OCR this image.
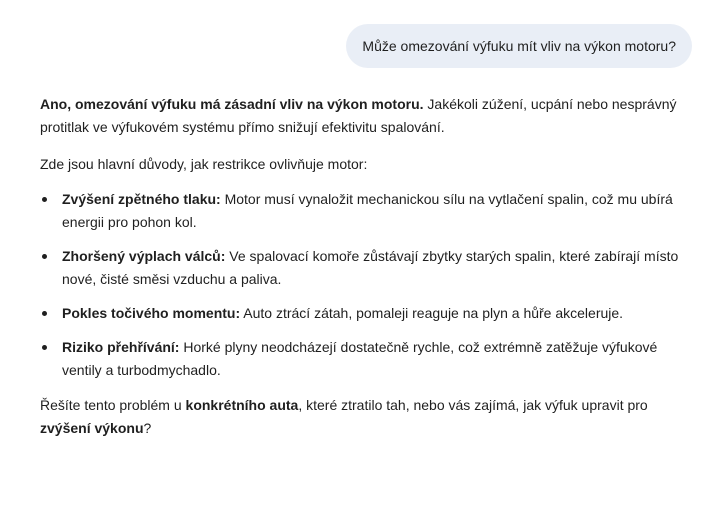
Může omezování výfuku mít vliv na výkon motoru?

Ano, omezování výfuku má zásadní vliv na výkon motoru. Jakékoli zúžení, ucpání nebo nesprávný protitlak ve výfukovém systému přímo snižují efektivitu spalování.

Zde jsou hlavní důvody, jak restrikce ovlivňuje motor:

Zvýšení zpětného tlaku: Motor musí vynaložit mechanickou sílu na vytlačení spalin, což mu ubírá energii pro pohon kol.
Zhoršený výplach válců: Ve spalovací komoře zůstávají zbytky starých spalin, které zabírají místo nové, čisté směsi vzduchu a paliva.
Pokles točivého momentu: Auto ztrácí zátah, pomaleji reaguje na plyn a hůře akceleruje.
Riziko přehřívání: Horké plyny neodcházejí dostatečně rychle, což extrémně zatěžuje výfukové ventily a turbodmychadlo.

Řešíte tento problém u konkrétního auta, které ztratilo tah, nebo vás zajímá, jak výfuk upravit pro zvýšení výkonu?
